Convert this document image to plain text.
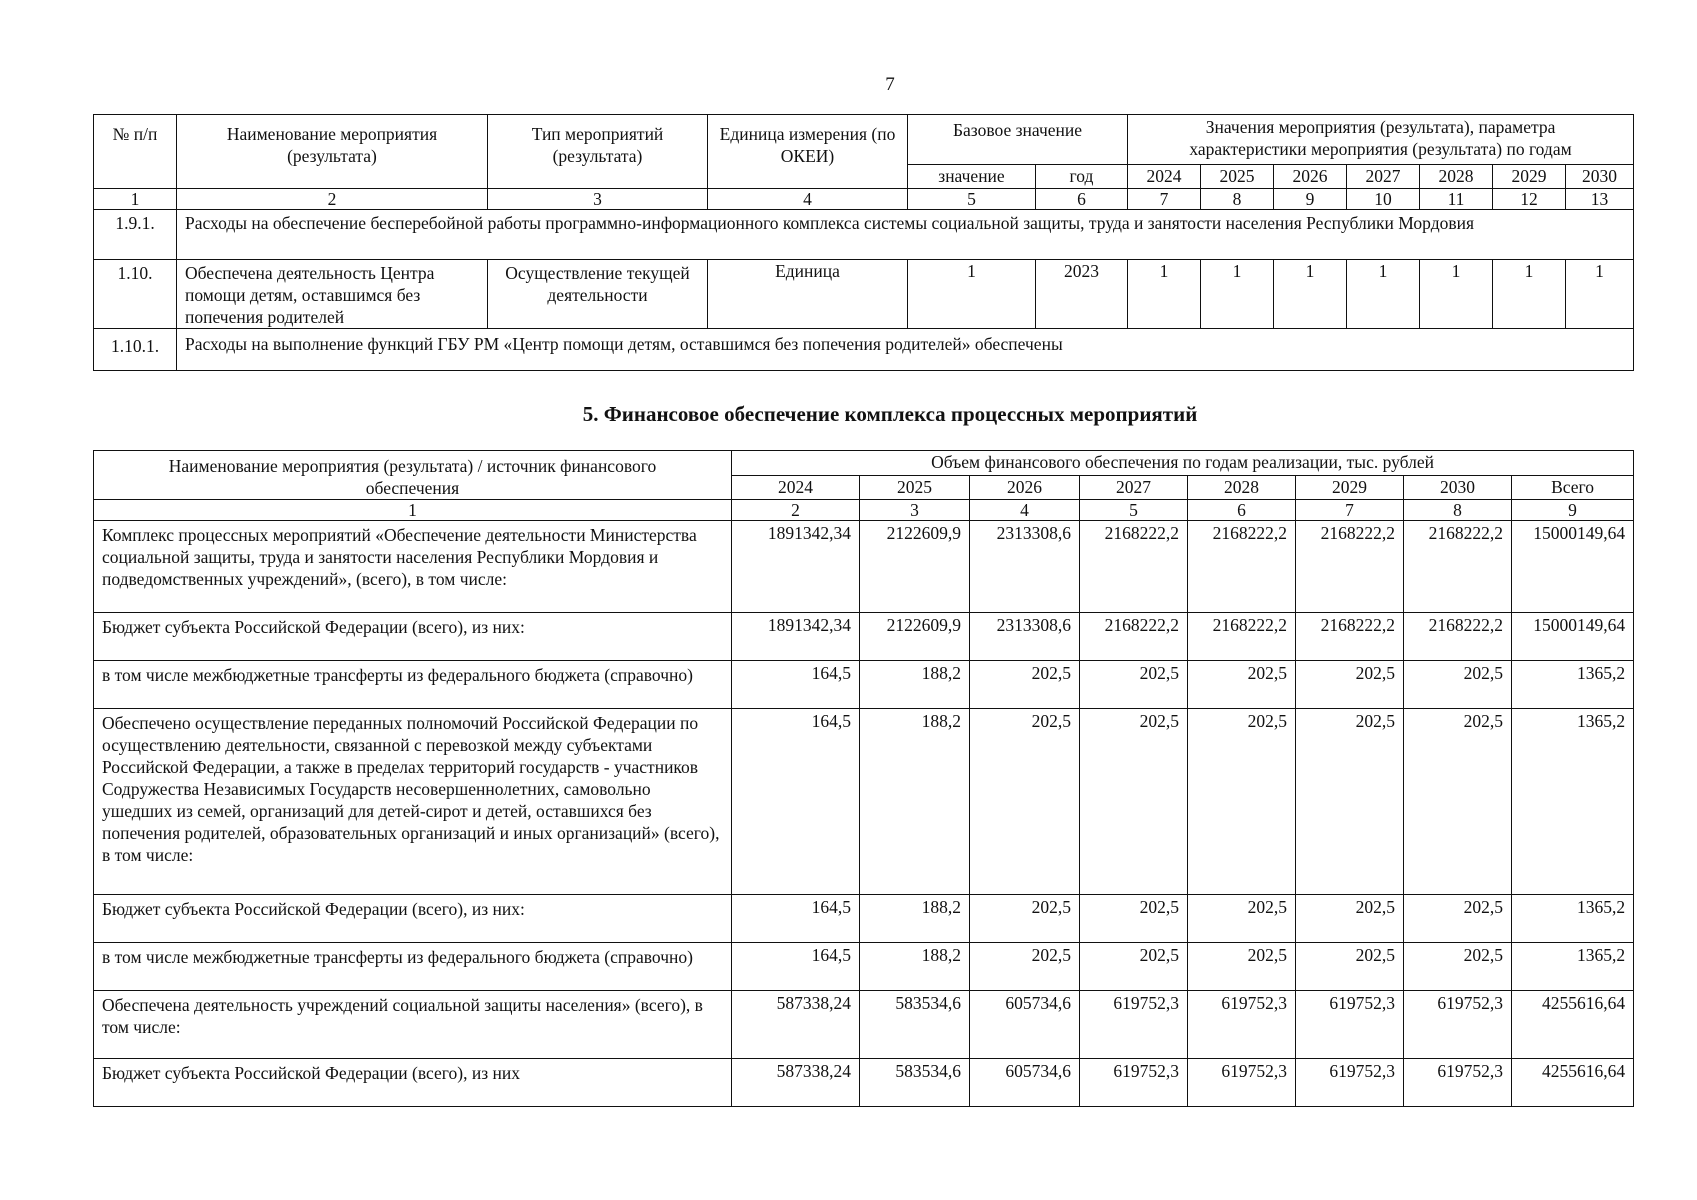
7
№ п/п	Наименование мероприятия (результата)	Тип мероприятий (результата)	Единица измерения (по ОКЕИ)	Базовое значение		Значения мероприятия (результата), параметра характеристики мероприятия (результата) по годам						
				значение	год	2024	2025	2026	2027	2028	2029	2030
1	2	3	4	5	6	7	8	9	10	11	12	13
1.9.1.	Расходы на обеспечение бесперебойной работы программно-информационного комплекса системы социальной защиты, труда и занятости населения Республики Мордовия											
1.10.	Обеспечена деятельность Центра помощи детям, оставшимся без попечения родителей	Осуществление текущей деятельности	Единица	1	2023	1	1	1	1	1	1	1
1.10.1.	Расходы на выполнение функций ГБУ РМ «Центр помощи детям, оставшимся без попечения родителей» обеспечены											
5. Финансовое обеспечение комплекса процессных мероприятий
Наименование мероприятия (результата) / источник финансового обеспечения	Объем финансового обеспечения по годам реализации, тыс. рублей							
	2024	2025	2026	2027	2028	2029	2030	Всего
1	2	3	4	5	6	7	8	9
Комплекс процессных мероприятий «Обеспечение деятельности Министерства социальной защиты, труда и занятости населения Республики Мордовия и подведомственных учреждений», (всего), в том числе:	1891342,34	2122609,9	2313308,6	2168222,2	2168222,2	2168222,2	2168222,2	15000149,64
Бюджет субъекта Российской Федерации (всего), из них:	1891342,34	2122609,9	2313308,6	2168222,2	2168222,2	2168222,2	2168222,2	15000149,64
в том числе межбюджетные трансферты из федерального бюджета (справочно)	164,5	188,2	202,5	202,5	202,5	202,5	202,5	1365,2
Обеспечено осуществление переданных полномочий Российской Федерации по осуществлению деятельности, связанной с перевозкой между субъектами Российской Федерации, а также в пределах территорий государств - участников Содружества Независимых Государств несовершеннолетних, самовольно ушедших из семей, организаций для детей-сирот и детей, оставшихся без попечения родителей, образовательных организаций и иных организаций» (всего), в том числе:	164,5	188,2	202,5	202,5	202,5	202,5	202,5	1365,2
Бюджет субъекта Российской Федерации (всего), из них:	164,5	188,2	202,5	202,5	202,5	202,5	202,5	1365,2
в том числе межбюджетные трансферты из федерального бюджета (справочно)	164,5	188,2	202,5	202,5	202,5	202,5	202,5	1365,2
Обеспечена деятельность учреждений социальной защиты населения» (всего), в том числе:	587338,24	583534,6	605734,6	619752,3	619752,3	619752,3	619752,3	4255616,64
Бюджет субъекта Российской Федерации (всего), из них	587338,24	583534,6	605734,6	619752,3	619752,3	619752,3	619752,3	4255616,64
